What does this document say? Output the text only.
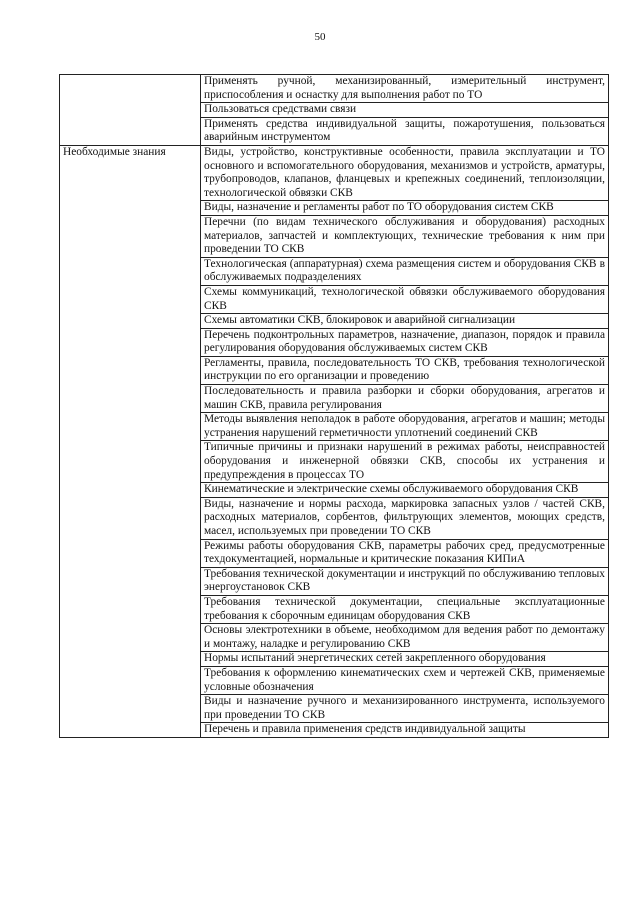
50
	Применять ручной, механизированный, измерительный инструмент, приспособления и оснастку для выполнения работ по ТО
	Пользоваться средствами связи
	Применять средства индивидуальной защиты, пожаротушения, пользоваться аварийным инструментом
Необходимые знания	Виды, устройство, конструктивные особенности, правила эксплуатации и ТО основного и вспомогательного оборудования, механизмов и устройств, арматуры, трубопроводов, клапанов, фланцевых и крепежных соединений, теплоизоляции, технологической обвязки СКВ
	Виды, назначение и регламенты работ по ТО оборудования систем СКВ
	Перечни (по видам технического обслуживания и оборудования) расходных материалов, запчастей и комплектующих, технические требования к ним при проведении ТО СКВ
	Технологическая (аппаратурная) схема размещения систем и оборудования СКВ в обслуживаемых подразделениях
	Схемы коммуникаций, технологической обвязки обслуживаемого оборудования СКВ
	Схемы автоматики СКВ, блокировок и аварийной сигнализации
	Перечень подконтрольных параметров, назначение, диапазон, порядок и правила регулирования оборудования обслуживаемых систем СКВ
	Регламенты, правила, последовательность ТО СКВ, требования технологической инструкции по его организации и проведению
	Последовательность и правила разборки и сборки оборудования, агрегатов и машин СКВ, правила регулирования
	Методы выявления неполадок в работе оборудования, агрегатов и машин; методы устранения нарушений герметичности уплотнений соединений СКВ
	Типичные причины и признаки нарушений в режимах работы, неисправностей оборудования и инженерной обвязки СКВ, способы их устранения и предупреждения в процессах ТО
	Кинематические и электрические схемы обслуживаемого оборудования СКВ
	Виды, назначение и нормы расхода, маркировка запасных узлов / частей СКВ, расходных материалов, сорбентов, фильтрующих элементов, моющих средств, масел, используемых при проведении ТО СКВ
	Режимы работы оборудования СКВ, параметры рабочих сред, предусмотренные техдокументацией, нормальные и критические показания КИПиА
	Требования технической документации и инструкций по обслуживанию тепловых энергоустановок СКВ
	Требования технической документации, специальные эксплуатационные требования к сборочным единицам оборудования СКВ
	Основы электротехники в объеме, необходимом для ведения работ по демонтажу и монтажу, наладке и регулированию СКВ
	Нормы испытаний энергетических сетей закрепленного оборудования
	Требования к оформлению кинематических схем и чертежей СКВ, применяемые условные обозначения
	Виды и назначение ручного и механизированного инструмента, используемого при проведении ТО СКВ
	Перечень и правила применения средств индивидуальной защиты
